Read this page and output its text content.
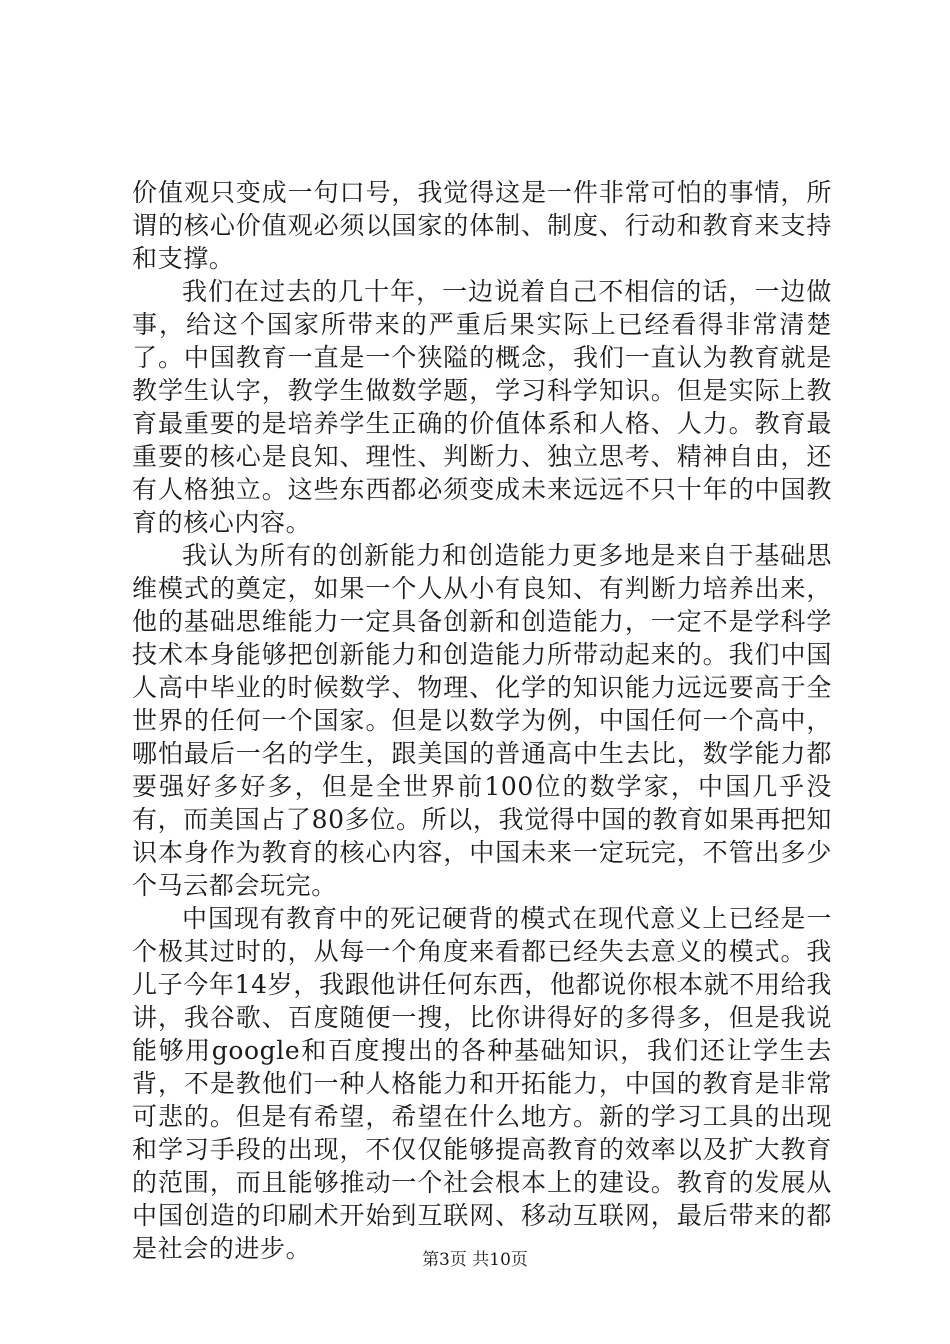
价值观只变成一句口号，我觉得这是一件非常可怕的事情，所谓的核心价值观必须以国家的体制、制度、行动和教育来支持和支撑。

我们在过去的几十年，一边说着自己不相信的话，一边做事，给这个国家所带来的严重后果实际上已经看得非常清楚了。中国教育一直是一个狭隘的概念，我们一直认为教育就是教学生认字，教学生做数学题，学习科学知识。但是实际上教育最重要的是培养学生正确的价值体系和人格、人力。教育最重要的核心是良知、理性、判断力、独立思考、精神自由，还有人格独立。这些东西都必须变成未来远远不只十年的中国教育的核心内容。

我认为所有的创新能力和创造能力更多地是来自于基础思维模式的奠定，如果一个人从小有良知、有判断力培养出来，他的基础思维能力一定具备创新和创造能力，一定不是学科学技术本身能够把创新能力和创造能力所带动起来的。我们中国人高中毕业的时候数学、物理、化学的知识能力远远要高于全世界的任何一个国家。但是以数学为例，中国任何一个高中，哪怕最后一名的学生，跟美国的普通高中生去比，数学能力都要强好多好多，但是全世界前100位的数学家，中国几乎没有，而美国占了80多位。所以，我觉得中国的教育如果再把知识本身作为教育的核心内容，中国未来一定玩完，不管出多少个马云都会玩完。

中国现有教育中的死记硬背的模式在现代意义上已经是一个极其过时的，从每一个角度来看都已经失去意义的模式。我儿子今年14岁，我跟他讲任何东西，他都说你根本就不用给我讲，我谷歌、百度随便一搜，比你讲得好的多得多，但是我说能够用google和百度搜出的各种基础知识，我们还让学生去背，不是教他们一种人格能力和开拓能力，中国的教育是非常可悲的。但是有希望，希望在什么地方。新的学习工具的出现和学习手段的出现，不仅仅能够提高教育的效率以及扩大教育的范围，而且能够推动一个社会根本上的建设。教育的发展从中国创造的印刷术开始到互联网、移动互联网，最后带来的都是社会的进步。	第3页 共10页
